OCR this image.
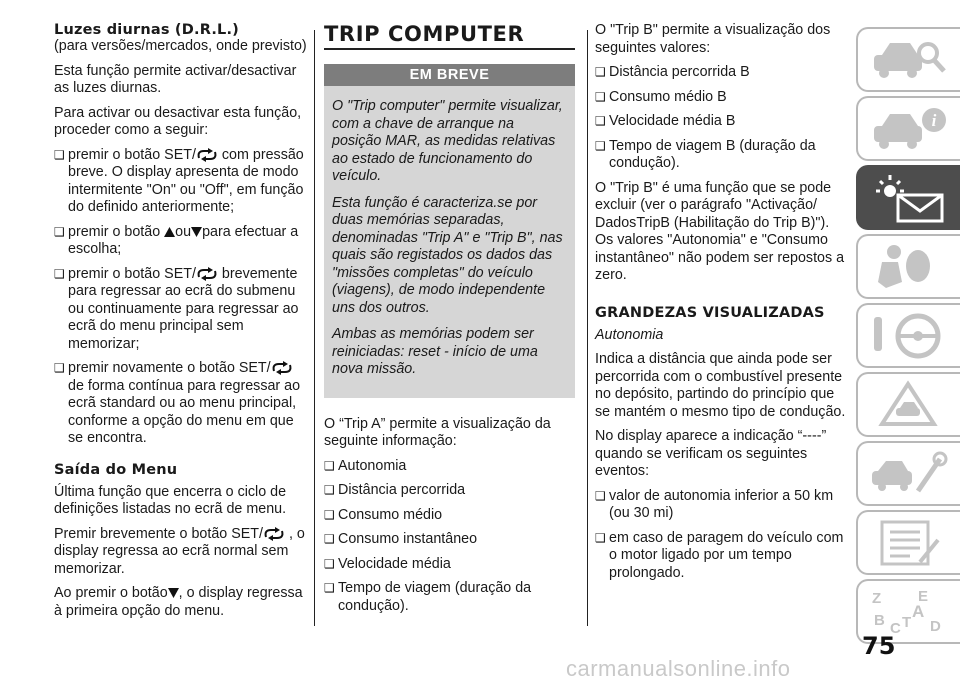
Luzes diurnas (D.R.L.)

(para versões/mercados, onde previsto)

Esta função permite activar/desactivar as luzes diurnas.

Para activar ou desactivar esta função, proceder como a seguir:

❑ premir o botão SET/ com pressão breve. O display apresenta de modo intermitente "On" ou "Off", em função do definido anteriormente;
❑ premir o botão ou para efectuar a escolha;
❑ premir o botão SET/ brevemente para regressar ao ecrã do submenu ou continuamente para regressar ao ecrã do menu principal sem memorizar;
❑ premir novamente o botão SET/ de forma contínua para regressar ao ecrã standard ou ao menu principal, conforme a opção do menu em que se encontra.
Saída do Menu

Última função que encerra o ciclo de definições listadas no ecrã de menu.

Premir brevemente o botão SET/ , o display regressa ao ecrã normal sem memorizar.

Ao premir o botão , o display regressa à primeira opção do menu.

TRIP COMPUTER
EM BREVE

O "Trip computer" permite visualizar, com a chave de arranque na posição MAR, as medidas relativas ao estado de funcionamento do veículo.

Esta função é caracteriza.se por duas memórias separadas, denominadas "Trip A" e "Trip B", nas quais são registados os dados das "missões completas" do veículo (viagens), de modo independente uns dos outros.

Ambas as memórias podem ser reiniciadas: reset - início de uma nova missão.

O “Trip A” permite a visualização da seguinte informação:

❑ Autonomia
❑ Distância percorrida
❑ Consumo médio
❑ Consumo instantâneo
❑ Velocidade média
❑ Tempo de viagem (duração da condução).

O "Trip B" permite a visualização dos seguintes valores:

❑ Distância percorrida B
❑ Consumo médio B
❑ Velocidade média B
❑ Tempo de viagem B (duração da condução).

O "Trip B" é uma função que se pode excluir (ver o parágrafo "Activação/ DadosTripB (Habilitação do Trip B)"). Os valores "Autonomia" e "Consumo instantâneo" não podem ser repostos a zero.

GRANDEZAS VISUALIZADAS

Autonomia

Indica a distância que ainda pode ser percorrida com o combustível presente no depósito, partindo do princípio que se mantém o mesmo tipo de condução.

No display aparece a indicação “----” quando se verificam os seguintes eventos:

❑ valor de autonomia inferior a 50 km (ou 30 mi)
❑ em caso de paragem do veículo com o motor ligado por um tempo prolongado.
i
Z E
A
B C T D
75
carmanualsonline.info
